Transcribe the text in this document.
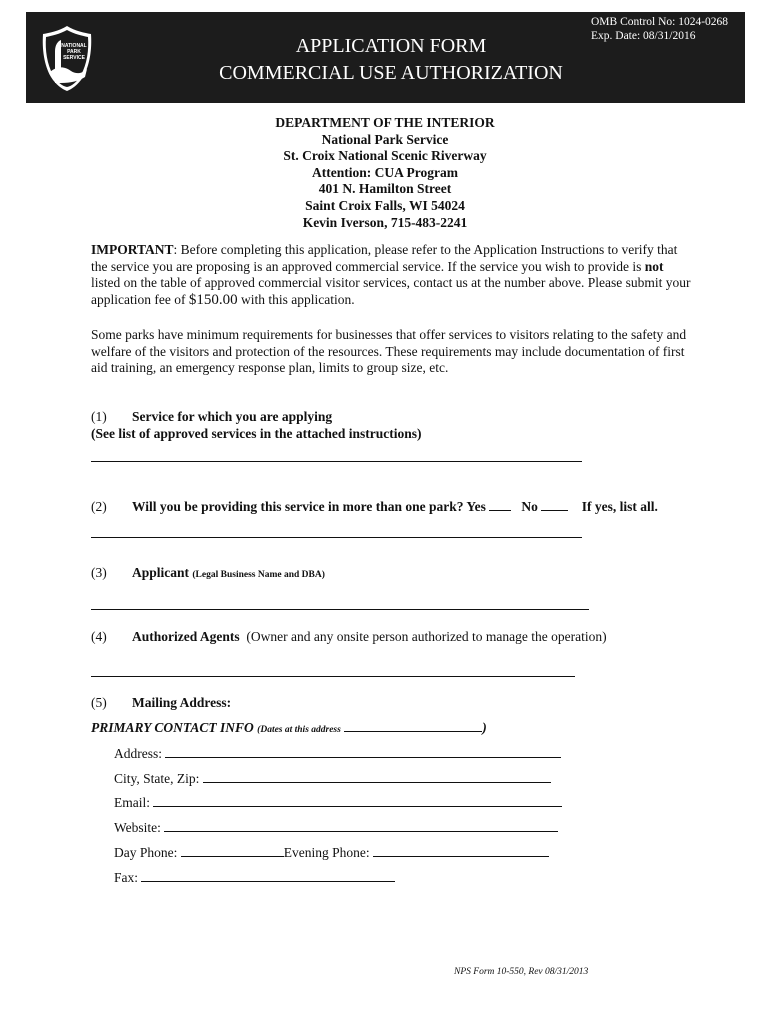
NATIONAL
PARK
SERVICE
APPLICATION FORM
COMMERCIAL USE AUTHORIZATION
OMB Control No: 1024-0268
Exp. Date: 08/31/2016
DEPARTMENT OF THE INTERIOR
National Park Service
St. Croix National Scenic Riverway
Attention: CUA Program
401 N. Hamilton Street
Saint Croix Falls, WI 54024
Kevin Iverson, 715-483-2241
IMPORTANT: Before completing this application, please refer to the Application Instructions to verify that the service you are proposing is an approved commercial service. If the service you wish to provide is not listed on the table of approved commercial visitor services, contact us at the number above. Please submit your application fee of $150.00 with this application.
Some parks have minimum requirements for businesses that offer services to visitors relating to the safety and welfare of the visitors and protection of the resources. These requirements may include documentation of first aid training, an emergency response plan, limits to group size, etc.
(1) Service for which you are applying
(See list of approved services in the attached instructions)
(2) Will you be providing this service in more than one park? Yes	No	If yes, list all.
(3) Applicant (Legal Business Name and DBA)
(4) Authorized Agents (Owner and any onsite person authorized to manage the operation)
(5) Mailing Address:
PRIMARY CONTACT INFO (Dates at this address	)
Address:
City, State, Zip:
Email:
Website:
Day Phone:	Evening Phone:
Fax:
NPS Form 10-550, Rev 08/31/2013
